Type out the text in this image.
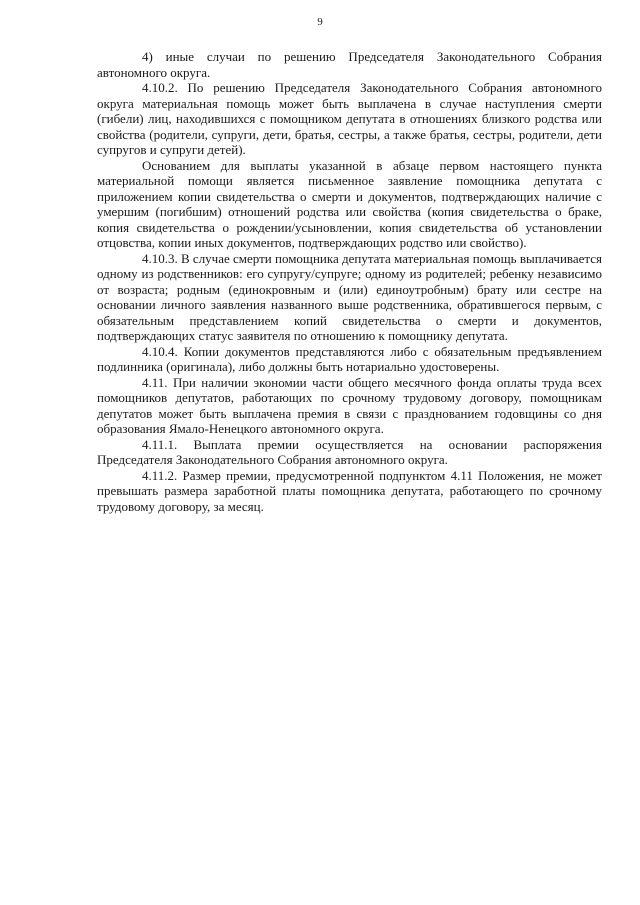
9

4) иные случаи по решению Председателя Законодательного Собрания автономного округа.

4.10.2. По решению Председателя Законодательного Собрания автономного округа материальная помощь может быть выплачена в случае наступления смерти (гибели) лиц, находившихся с помощником депутата в отношениях близкого родства или свойства (родители, супруги, дети, братья, сестры, а также братья, сестры, родители, дети супругов и супруги детей).

Основанием для выплаты указанной в абзаце первом настоящего пункта материальной помощи является письменное заявление помощника депутата с приложением копии свидетельства о смерти и документов, подтверждающих наличие с умершим (погибшим) отношений родства или свойства (копия свидетельства о браке, копия свидетельства о рождении/усыновлении, копия свидетельства об установлении отцовства, копии иных документов, подтверждающих родство или свойство).

4.10.3. В случае смерти помощника депутата материальная помощь выплачивается одному из родственников: его супругу/супруге; одному из родителей; ребенку независимо от возраста; родным (единокровным и (или) единоутробным) брату или сестре на основании личного заявления названного выше родственника, обратившегося первым, с обязательным представлением копий свидетельства о смерти и документов, подтверждающих статус заявителя по отношению к помощнику депутата.

4.10.4. Копии документов представляются либо с обязательным предъявлением подлинника (оригинала), либо должны быть нотариально удостоверены.

4.11. При наличии экономии части общего месячного фонда оплаты труда всех помощников депутатов, работающих по срочному трудовому договору, помощникам депутатов может быть выплачена премия в связи с празднованием годовщины со дня образования Ямало-Ненецкого автономного округа.

4.11.1. Выплата премии осуществляется на основании распоряжения Председателя Законодательного Собрания автономного округа.

4.11.2. Размер премии, предусмотренной подпунктом 4.11 Положения, не может превышать размера заработной платы помощника депутата, работающего по срочному трудовому договору, за месяц.
